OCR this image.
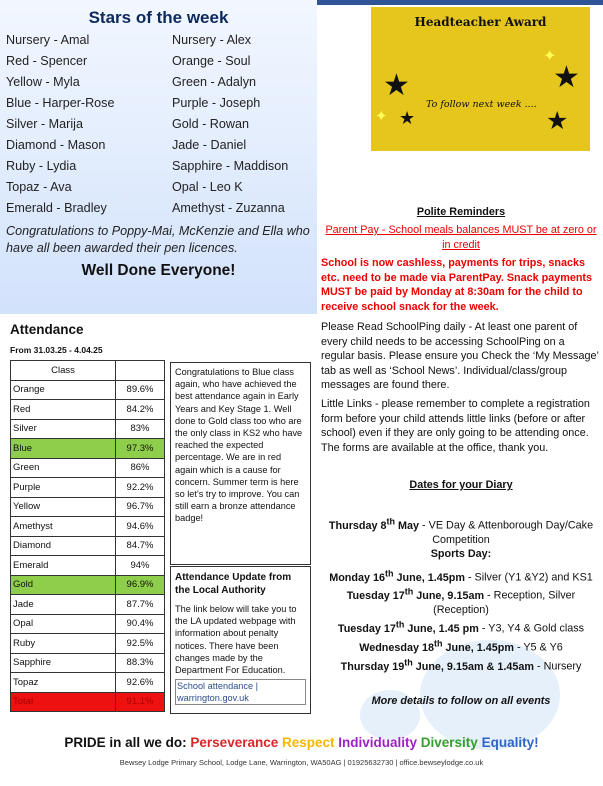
Stars of the week
Nursery - Amal	Nursery - Alex
Red - Spencer	Orange - Soul
Yellow - Myla	Green - Adalyn
Blue - Harper-Rose	Purple - Joseph
Silver - Marija	Gold - Rowan
Diamond - Mason	Jade - Daniel
Ruby - Lydia	Sapphire - Maddison
Topaz - Ava	Opal - Leo K
Emerald - Bradley	Amethyst - Zuzanna
Congratulations to Poppy-Mai, McKenzie and Ella who have all been awarded their pen licences.
Well Done Everyone!
Attendance
From 31.03.25 - 4.04.25
Class	
Orange	89.6%
Red	84.2%
Silver	83%
Blue	97.3%
Green	86%
Purple	92.2%
Yellow	96.7%
Amethyst	94.6%
Diamond	84.7%
Emerald	94%
Gold	96.9%
Jade	87.7%
Opal	90.4%
Ruby	92.5%
Sapphire	88.3%
Topaz	92.6%
Total	91.1%
Congratulations to Blue class again, who have achieved the best attendance again in Early Years and Key Stage 1. Well done to Gold class too who are the only class in KS2 who have reached the expected percentage. We are in red again which is a cause for concern. Summer term is here so let's try to improve. You can still earn a bronze attendance badge!
Attendance Update from the Local Authority
The link below will take you to the LA updated webpage with information about penalty notices. There have been changes made by the Department For Education.
School attendance | warrington.gov.uk
Headteacher Award
To follow next week ....
★
★
✦
★
★
✦
Polite Reminders
Parent Pay - School meals balances MUST be at zero or in credit
School is now cashless, payments for trips, snacks etc. need to be made via ParentPay. Snack payments MUST be paid by Monday at 8:30am for the child to receive school snack for the week.
Please Read SchoolPing daily - At least one parent of every child needs to be accessing SchoolPing on a regular basis. Please ensure you Check the ‘My Message’ tab as well as ‘School News’. Individual/class/group messages are found there.
Little Links - please remember to complete a registration form before your child attends little links (before or after school) even if they are only going to be attending once. The forms are available at the office, thank you.
Dates for your Diary
Thursday 8th May - VE Day & Attenborough Day/Cake Competition
Sports Day:
Monday 16th June, 1.45pm - Silver (Y1 &Y2) and KS1
Tuesday 17th June, 9.15am - Reception, Silver (Reception)
Tuesday 17th June, 1.45 pm - Y3, Y4 & Gold class
Wednesday 18th June, 1.45pm - Y5 & Y6
Thursday 19th June, 9.15am & 1.45am - Nursery
More details to follow on all events
PRIDE in all we do: Perseverance Respect Individuality Diversity Equality!
Bewsey Lodge Primary School, Lodge Lane, Warrington, WA50AG | 01925632730 | office.bewseylodge.co.uk
